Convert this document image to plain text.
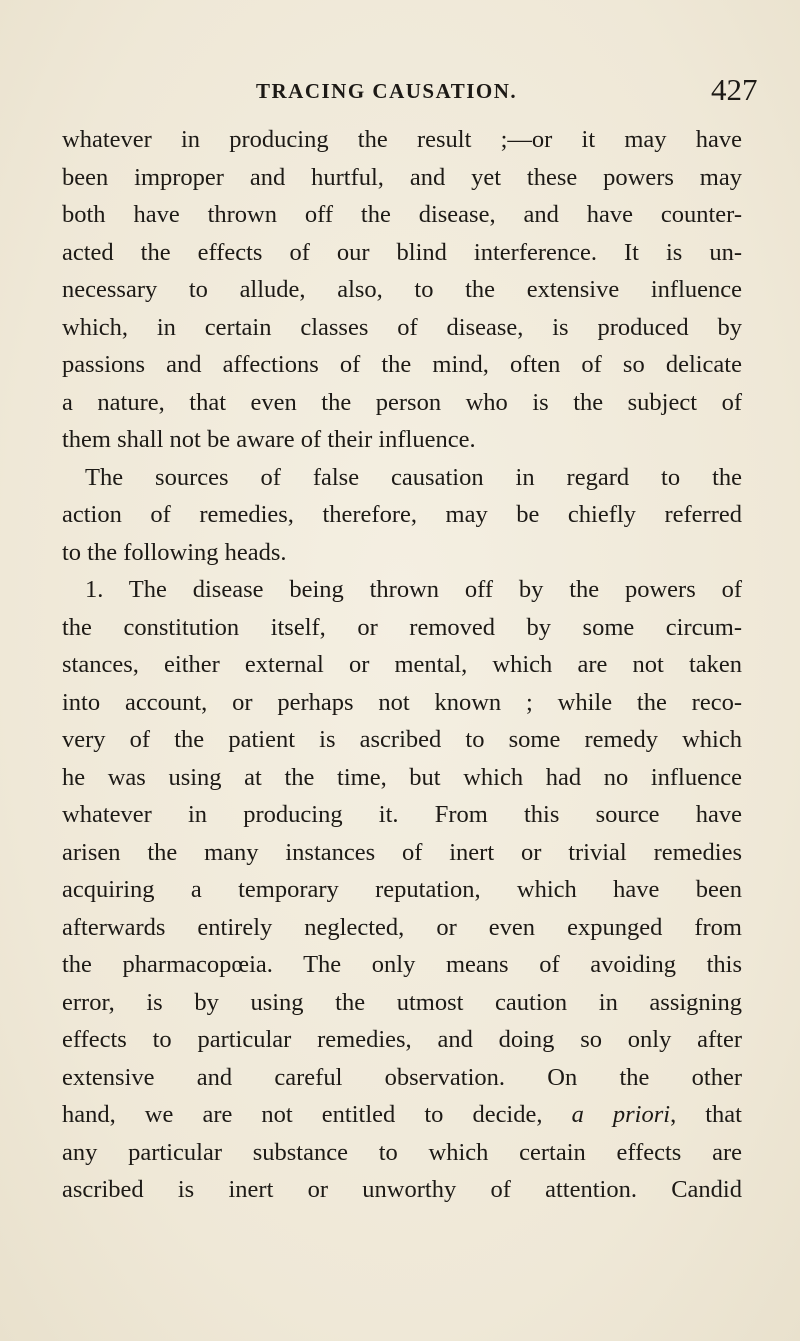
TRACING CAUSATION.	427
whatever in producing the result ;—or it may have
been improper and hurtful, and yet these powers may
both have thrown off the disease, and have counter-
acted the effects of our blind interference. It is un-
necessary to allude, also, to the extensive influence
which, in certain classes of disease, is produced by
passions and affections of the mind, often of so delicate
a nature, that even the person who is the subject of
them shall not be aware of their influence.
The sources of false causation in regard to the
action of remedies, therefore, may be chiefly referred
to the following heads.
1. The disease being thrown off by the powers of
the constitution itself, or removed by some circum-
stances, either external or mental, which are not taken
into account, or perhaps not known ; while the reco-
very of the patient is ascribed to some remedy which
he was using at the time, but which had no influence
whatever in producing it. From this source have
arisen the many instances of inert or trivial remedies
acquiring a temporary reputation, which have been
afterwards entirely neglected, or even expunged from
the pharmacopœia. The only means of avoiding this
error, is by using the utmost caution in assigning
effects to particular remedies, and doing so only after
extensive and careful observation. On the other
hand, we are not entitled to decide, a priori, that
any particular substance to which certain effects are
ascribed is inert or unworthy of attention. Candid
